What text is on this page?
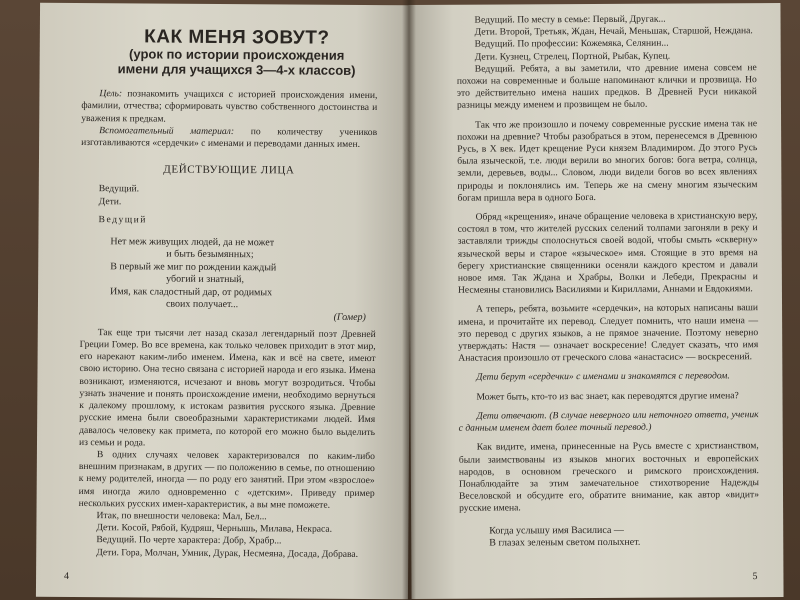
КАК МЕНЯ ЗОВУТ?
(урок по истории происхождения
имени для учащихся 3—4-х классов)

Цель: познакомить учащихся с историей происхождения имени, фамилии, отчества; сформировать чувство собственного достоинства и уважения к предкам.

Вспомогательный материал: по количеству учеников изготавливаются «сердечки» с именами и переводами данных имен.

ДЕЙСТВУЮЩИЕ ЛИЦА

Ведущий.

Дети.

Ведущий

Нет меж живущих людей, да не может
и быть безымянных;
В первый же миг по рождении каждый
убогий и знатный,
Имя, как сладостный дар, от родимых
своих получает...
(Гомер)

Так еще три тысячи лет назад сказал легендарный поэт Древней Греции Гомер. Во все времена, как только человек приходит в этот мир, его нарекают каким-либо именем. Имена, как и всё на свете, имеют свою историю. Она тесно связана с историей народа и его языка. Имена возникают, изменяются, исчезают и вновь могут возродиться. Чтобы узнать значение и понять происхождение имени, необходимо вернуться к далекому прошлому, к истокам развития русского языка. Древние русские имена были своеобразными характеристиками людей. Имя давалось человеку как примета, по которой его можно было выделить из семьи и рода.

В одних случаях человек характеризовался по каким-либо внешним признакам, в других — по положению в семье, по отношению к нему родителей, иногда — по роду его занятий. При этом «взрослое» имя иногда жило одновременно с «детским». Приведу пример нескольких русских имен-характеристик, а вы мне поможете.

Итак, по внешности человека: Мал, Бел...

Дети. Косой, Рябой, Кудряш, Чернышь, Милава, Некраса.

Ведущий. По черте характера: Добр, Храбр...

Дети. Гора, Молчан, Умник, Дурак, Несмеяна, Досада, Добрава.

4

Ведущий. По месту в семье: Первый, Другак...

Дети. Второй, Третьяк, Ждан, Нечай, Меньшак, Старшой, Неждана.

Ведущий. По профессии: Кожемяка, Селянин...

Дети. Кузнец, Стрелец, Портной, Рыбак, Купец.

Ведущий. Ребята, а вы заметили, что древние имена совсем не похожи на современные и больше напоминают клички и прозвища. Но это действительно имена наших предков. В Древней Руси никакой разницы между именем и прозвищем не было.

Так что же произошло и почему современные русские имена так не похожи на древние? Чтобы разобраться в этом, перенесемся в Древнюю Русь, в X век. Идет крещение Руси князем Владимиром. До этого Русь была языческой, т.е. люди верили во многих богов: бога ветра, солнца, земли, деревьев, воды... Словом, люди видели богов во всех явлениях природы и поклонялись им. Теперь же на смену многим языческим богам пришла вера в одного Бога.

Обряд «крещения», иначе обращение человека в христианскую веру, состоял в том, что жителей русских селений толпами загоняли в реку и заставляли трижды сполоснуться своей водой, чтобы смыть «скверну» языческой веры и старое «языческое» имя. Стоящие в это время на берегу христианские священники осеняли каждого крестом и давали новое имя. Так Ждана и Храбры, Волки и Лебеди, Прекрасны и Несмеяны становились Василиями и Кириллами, Аннами и Евдокиями.

А теперь, ребята, возьмите «сердечки», на которых написаны ваши имена, и прочитайте их перевод. Следует помнить, что наши имена — это перевод с других языков, а не прямое значение. Поэтому неверно утверждать: Настя — означает воскресение! Следует сказать, что имя Анастасия произошло от греческого слова «анастасис» — воскресений.

Дети берут «сердечки» с именами и знакомятся с переводом.

Может быть, кто-то из вас знает, как переводятся другие имена?

Дети отвечают. (В случае неверного или неточного ответа, ученик с данным именем дает более точный перевод.)

Как видите, имена, принесенные на Русь вместе с христианством, были заимствованы из языков многих восточных и европейских народов, в основном греческого и римского происхождения. Понаблюдайте за этим замечательное стихотворение Надежды Веселовской и обсудите его, обратите внимание, как автор «видит» русские имена.

Когда услышу имя Василиса —
В глазах зеленым светом полыхнет.
5
